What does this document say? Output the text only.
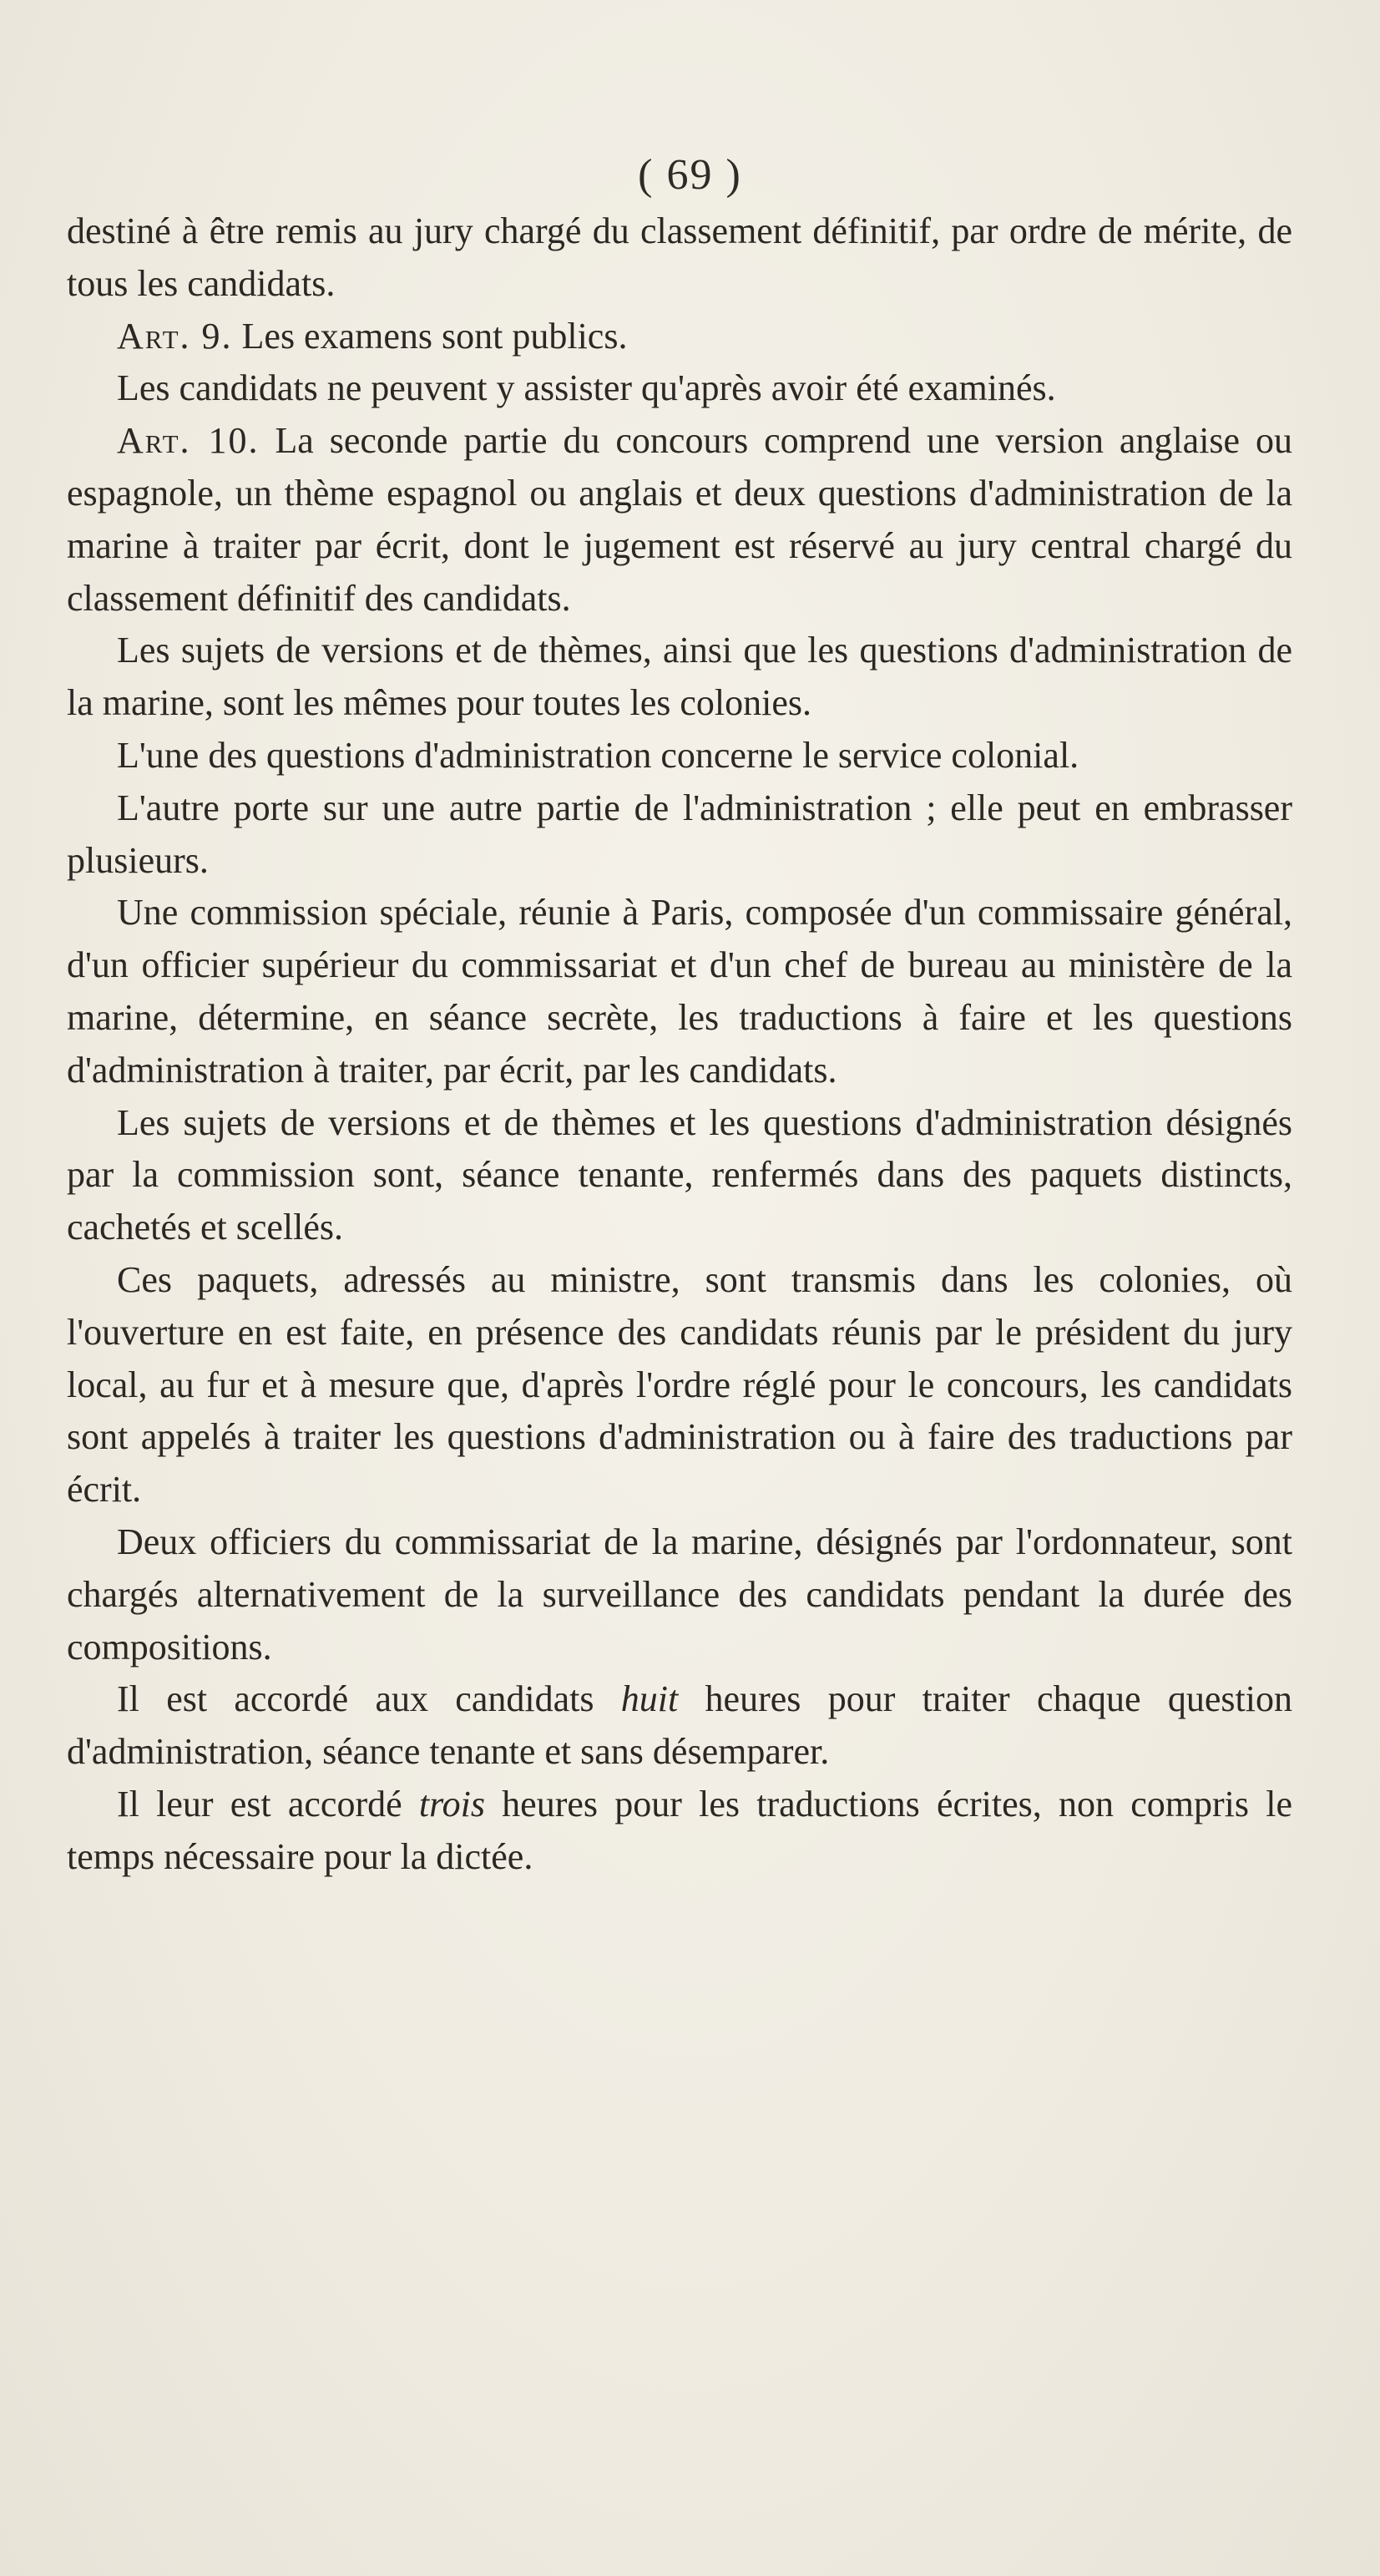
( 69 )

destiné à être remis au jury chargé du classement définitif, par ordre de mérite, de tous les candidats.

Art. 9. Les examens sont publics.

Les candidats ne peuvent y assister qu'après avoir été examinés.

Art. 10. La seconde partie du concours comprend une version anglaise ou espagnole, un thème espagnol ou anglais et deux questions d'administration de la marine à traiter par écrit, dont le jugement est réservé au jury central chargé du classement définitif des candidats.

Les sujets de versions et de thèmes, ainsi que les questions d'administration de la marine, sont les mêmes pour toutes les colonies.

L'une des questions d'administration concerne le service colonial.

L'autre porte sur une autre partie de l'administration ; elle peut en embrasser plusieurs.

Une commission spéciale, réunie à Paris, composée d'un commissaire général, d'un officier supérieur du commissariat et d'un chef de bureau au ministère de la marine, détermine, en séance secrète, les traductions à faire et les questions d'administration à traiter, par écrit, par les candidats.

Les sujets de versions et de thèmes et les questions d'administration désignés par la commission sont, séance tenante, renfermés dans des paquets distincts, cachetés et scellés.

Ces paquets, adressés au ministre, sont transmis dans les colonies, où l'ouverture en est faite, en présence des candidats réunis par le président du jury local, au fur et à mesure que, d'après l'ordre réglé pour le concours, les candidats sont appelés à traiter les questions d'administration ou à faire des traductions par écrit.

Deux officiers du commissariat de la marine, désignés par l'ordonnateur, sont chargés alternativement de la surveillance des candidats pendant la durée des compositions.

Il est accordé aux candidats huit heures pour traiter chaque question d'administration, séance tenante et sans désemparer.

Il leur est accordé trois heures pour les traductions écrites, non compris le temps nécessaire pour la dictée.
